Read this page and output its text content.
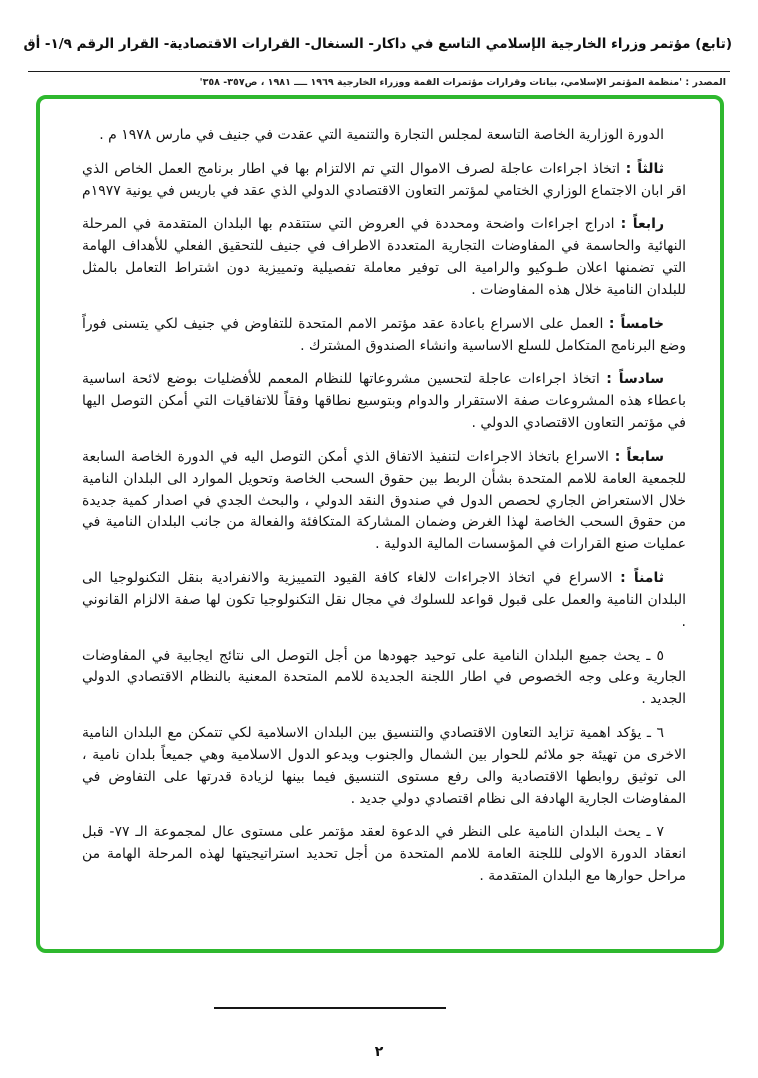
(تابع) مؤتمر وزراء الخارجية الإسلامي التاسع في داكار- السنغال- القرارات الاقتصادية- القرار الرقم ١/٩- أق
المصدر : 'منظمة المؤتمر الإسلامي، بيانات وقرارات مؤتمرات القمة ووزراء الخارجية ١٩٦٩ ــــ ١٩٨١ ، ص٣٥٧- ٣٥٨'

الدورة الوزارية الخاصة التاسعة لمجلس التجارة والتنمية التي عقدت في جنيف في مارس ١٩٧٨ م .

ثالثاً : اتخاذ اجراءات عاجلة لصرف الاموال التي تم الالتزام بها في اطار برنامج العمل الخاص الذي اقر ابان الاجتماع الوزاري الختامي لمؤتمر التعاون الاقتصادي الدولي الذي عقد في باريس في يونية ١٩٧٧م

رابعاً : ادراج اجراءات واضحة ومحددة في العروض التي ستتقدم بها البلدان المتقدمة في المرحلة النهائية والحاسمة في المفاوضات التجارية المتعددة الاطراف في جنيف للتحقيق الفعلي للأهداف الهامة التي تضمنها اعلان طـوكيو والرامية الى توفير معاملة تفصيلية وتمييزية دون اشتراط التعامل بالمثل للبلدان النامية خلال هذه المفاوضات .

خامساً : العمل على الاسراع باعادة عقد مؤتمر الامم المتحدة للتفاوض في جنيف لكي يتسنى فوراً وضع البرنامج المتكامل للسلع الاساسية وانشاء الصندوق المشترك .

سادساً : اتخاذ اجراءات عاجلة لتحسين مشروعاتها للنظام المعمم للأفضليات بوضع لائحة اساسية باعطاء هذه المشروعات صفة الاستقرار والدوام وبتوسيع نطاقها وفقاً للاتفاقيات التي أمكن التوصل اليها في مؤتمر التعاون الاقتصادي الدولي .

سابعاً : الاسراع باتخاذ الاجراءات لتنفيذ الاتفاق الذي أمكن التوصل اليه في الدورة الخاصة السابعة للجمعية العامة للامم المتحدة بشأن الربط بين حقوق السحب الخاصة وتحويل الموارد الى البلدان النامية خلال الاستعراض الجاري لحصص الدول في صندوق النقد الدولي ، والبحث الجدي في اصدار كمية جديدة من حقوق السحب الخاصة لهذا الغرض وضمان المشاركة المتكافئة والفعالة من جانب البلدان النامية في عمليات صنع القرارات في المؤسسات المالية الدولية .

ثامناً : الاسراع في اتخاذ الاجراءات لالغاء كافة القيود التمييزية والانفرادية بنقل التكنولوجيا الى البلدان النامية والعمل على قبول قواعد للسلوك في مجال نقل التكنولوجيا تكون لها صفة الالزام القانوني .

٥ ـ يحث جميع البلدان النامية على توحيد جهودها من أجل التوصل الى نتائج ايجابية في المفاوضات الجارية وعلى وجه الخصوص في اطار اللجنة الجديدة للامم المتحدة المعنية بالنظام الاقتصادي الدولي الجديد .

٦ ـ يؤكد اهمية تزايد التعاون الاقتصادي والتنسيق بين البلدان الاسلامية لكي تتمكن مع البلدان النامية الاخرى من تهيئة جو ملائم للحوار بين الشمال والجنوب ويدعو الدول الاسلامية وهي جميعاً بلدان نامية ، الى توثيق روابطها الاقتصادية والى رفع مستوى التنسيق فيما بينها لزيادة قدرتها على التفاوض في المفاوضات الجارية الهادفة الى نظام اقتصادي دولي جديد .

٧ ـ يحث البلدان النامية على النظر في الدعوة لعقد مؤتمر على مستوى عال لمجموعة الـ ٧٧- قبل انعقاد الدورة الاولى لللجنة العامة للامم المتحدة من أجل تحديد استراتيجيتها لهذه المرحلة الهامة من مراحل حوارها مع البلدان المتقدمة .

٢
